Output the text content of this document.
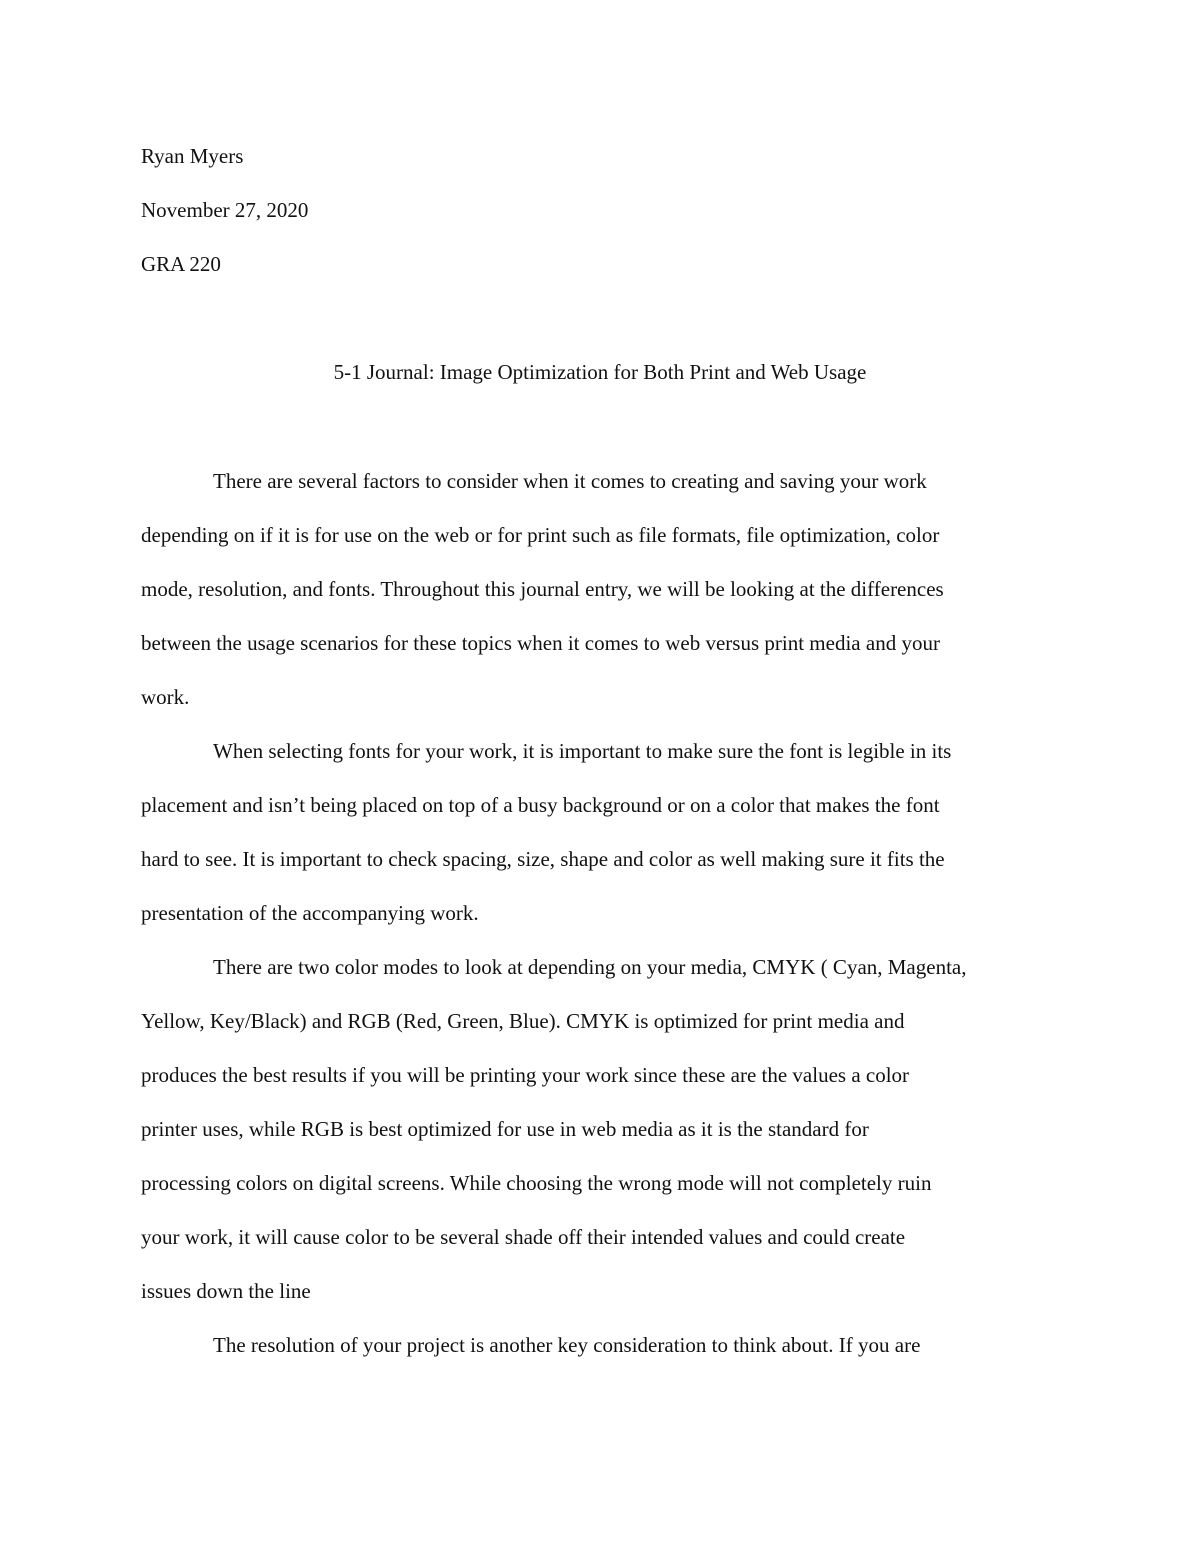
Ryan Myers
November 27, 2020
GRA 220
5-1 Journal: Image Optimization for Both Print and Web Usage
There are several factors to consider when it comes to creating and saving your work
depending on if it is for use on the web or for print such as file formats, file optimization, color
mode, resolution, and fonts. Throughout this journal entry, we will be looking at the differences
between the usage scenarios for these topics when it comes to web versus print media and your
work.
When selecting fonts for your work, it is important to make sure the font is legible in its
placement and isn’t being placed on top of a busy background or on a color that makes the font
hard to see. It is important to check spacing, size, shape and color as well making sure it fits the
presentation of the accompanying work.
There are two color modes to look at depending on your media, CMYK ( Cyan, Magenta,
Yellow, Key/Black) and RGB (Red, Green, Blue). CMYK is optimized for print media and
produces the best results if you will be printing your work since these are the values a color
printer uses, while RGB is best optimized for use in web media as it is the standard for
processing colors on digital screens. While choosing the wrong mode will not completely ruin
your work, it will cause color to be several shade off their intended values and could create
issues down the line
The resolution of your project is another key consideration to think about. If you are
